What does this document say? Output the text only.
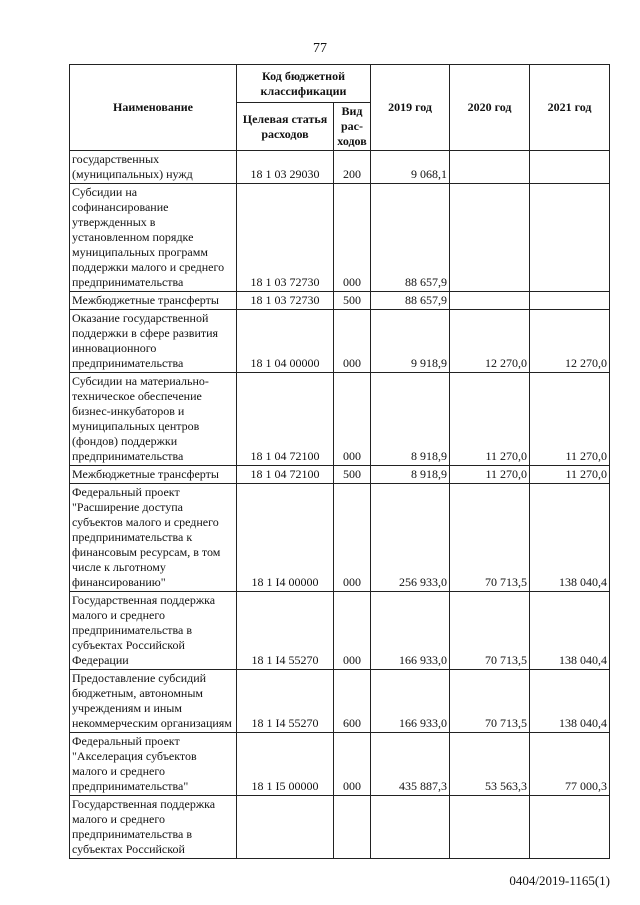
77
Наименование	Код бюджетной классификации		2019 год	2020 год	2021 год
	Целевая статья расходов	Вид рас-ходов			
государственных (муниципальных) нужд	18 1 03 29030	200	9 068,1		
Субсидии на софинансирование утвержденных в установленном порядке муниципальных программ поддержки малого и среднего предпринимательства	18 1 03 72730	000	88 657,9		
Межбюджетные трансферты	18 1 03 72730	500	88 657,9		
Оказание государственной поддержки в сфере развития инновационного предпринимательства	18 1 04 00000	000	9 918,9	12 270,0	12 270,0
Субсидии на материально-техническое обеспечение бизнес-инкубаторов и муниципальных центров (фондов) поддержки предпринимательства	18 1 04 72100	000	8 918,9	11 270,0	11 270,0
Межбюджетные трансферты	18 1 04 72100	500	8 918,9	11 270,0	11 270,0
Федеральный проект "Расширение доступа субъектов малого и среднего предпринимательства к финансовым ресурсам, в том числе к льготному финансированию"	18 1 I4 00000	000	256 933,0	70 713,5	138 040,4
Государственная поддержка малого и среднего предпринимательства в субъектах Российской Федерации	18 1 I4 55270	000	166 933,0	70 713,5	138 040,4
Предоставление субсидий бюджетным, автономным учреждениям и иным некоммерческим организациям	18 1 I4 55270	600	166 933,0	70 713,5	138 040,4
Федеральный проект "Акселерация субъектов малого и среднего предпринимательства"	18 1 I5 00000	000	435 887,3	53 563,3	77 000,3
Государственная поддержка малого и среднего предпринимательства в субъектах Российской					
0404/2019-1165(1)
